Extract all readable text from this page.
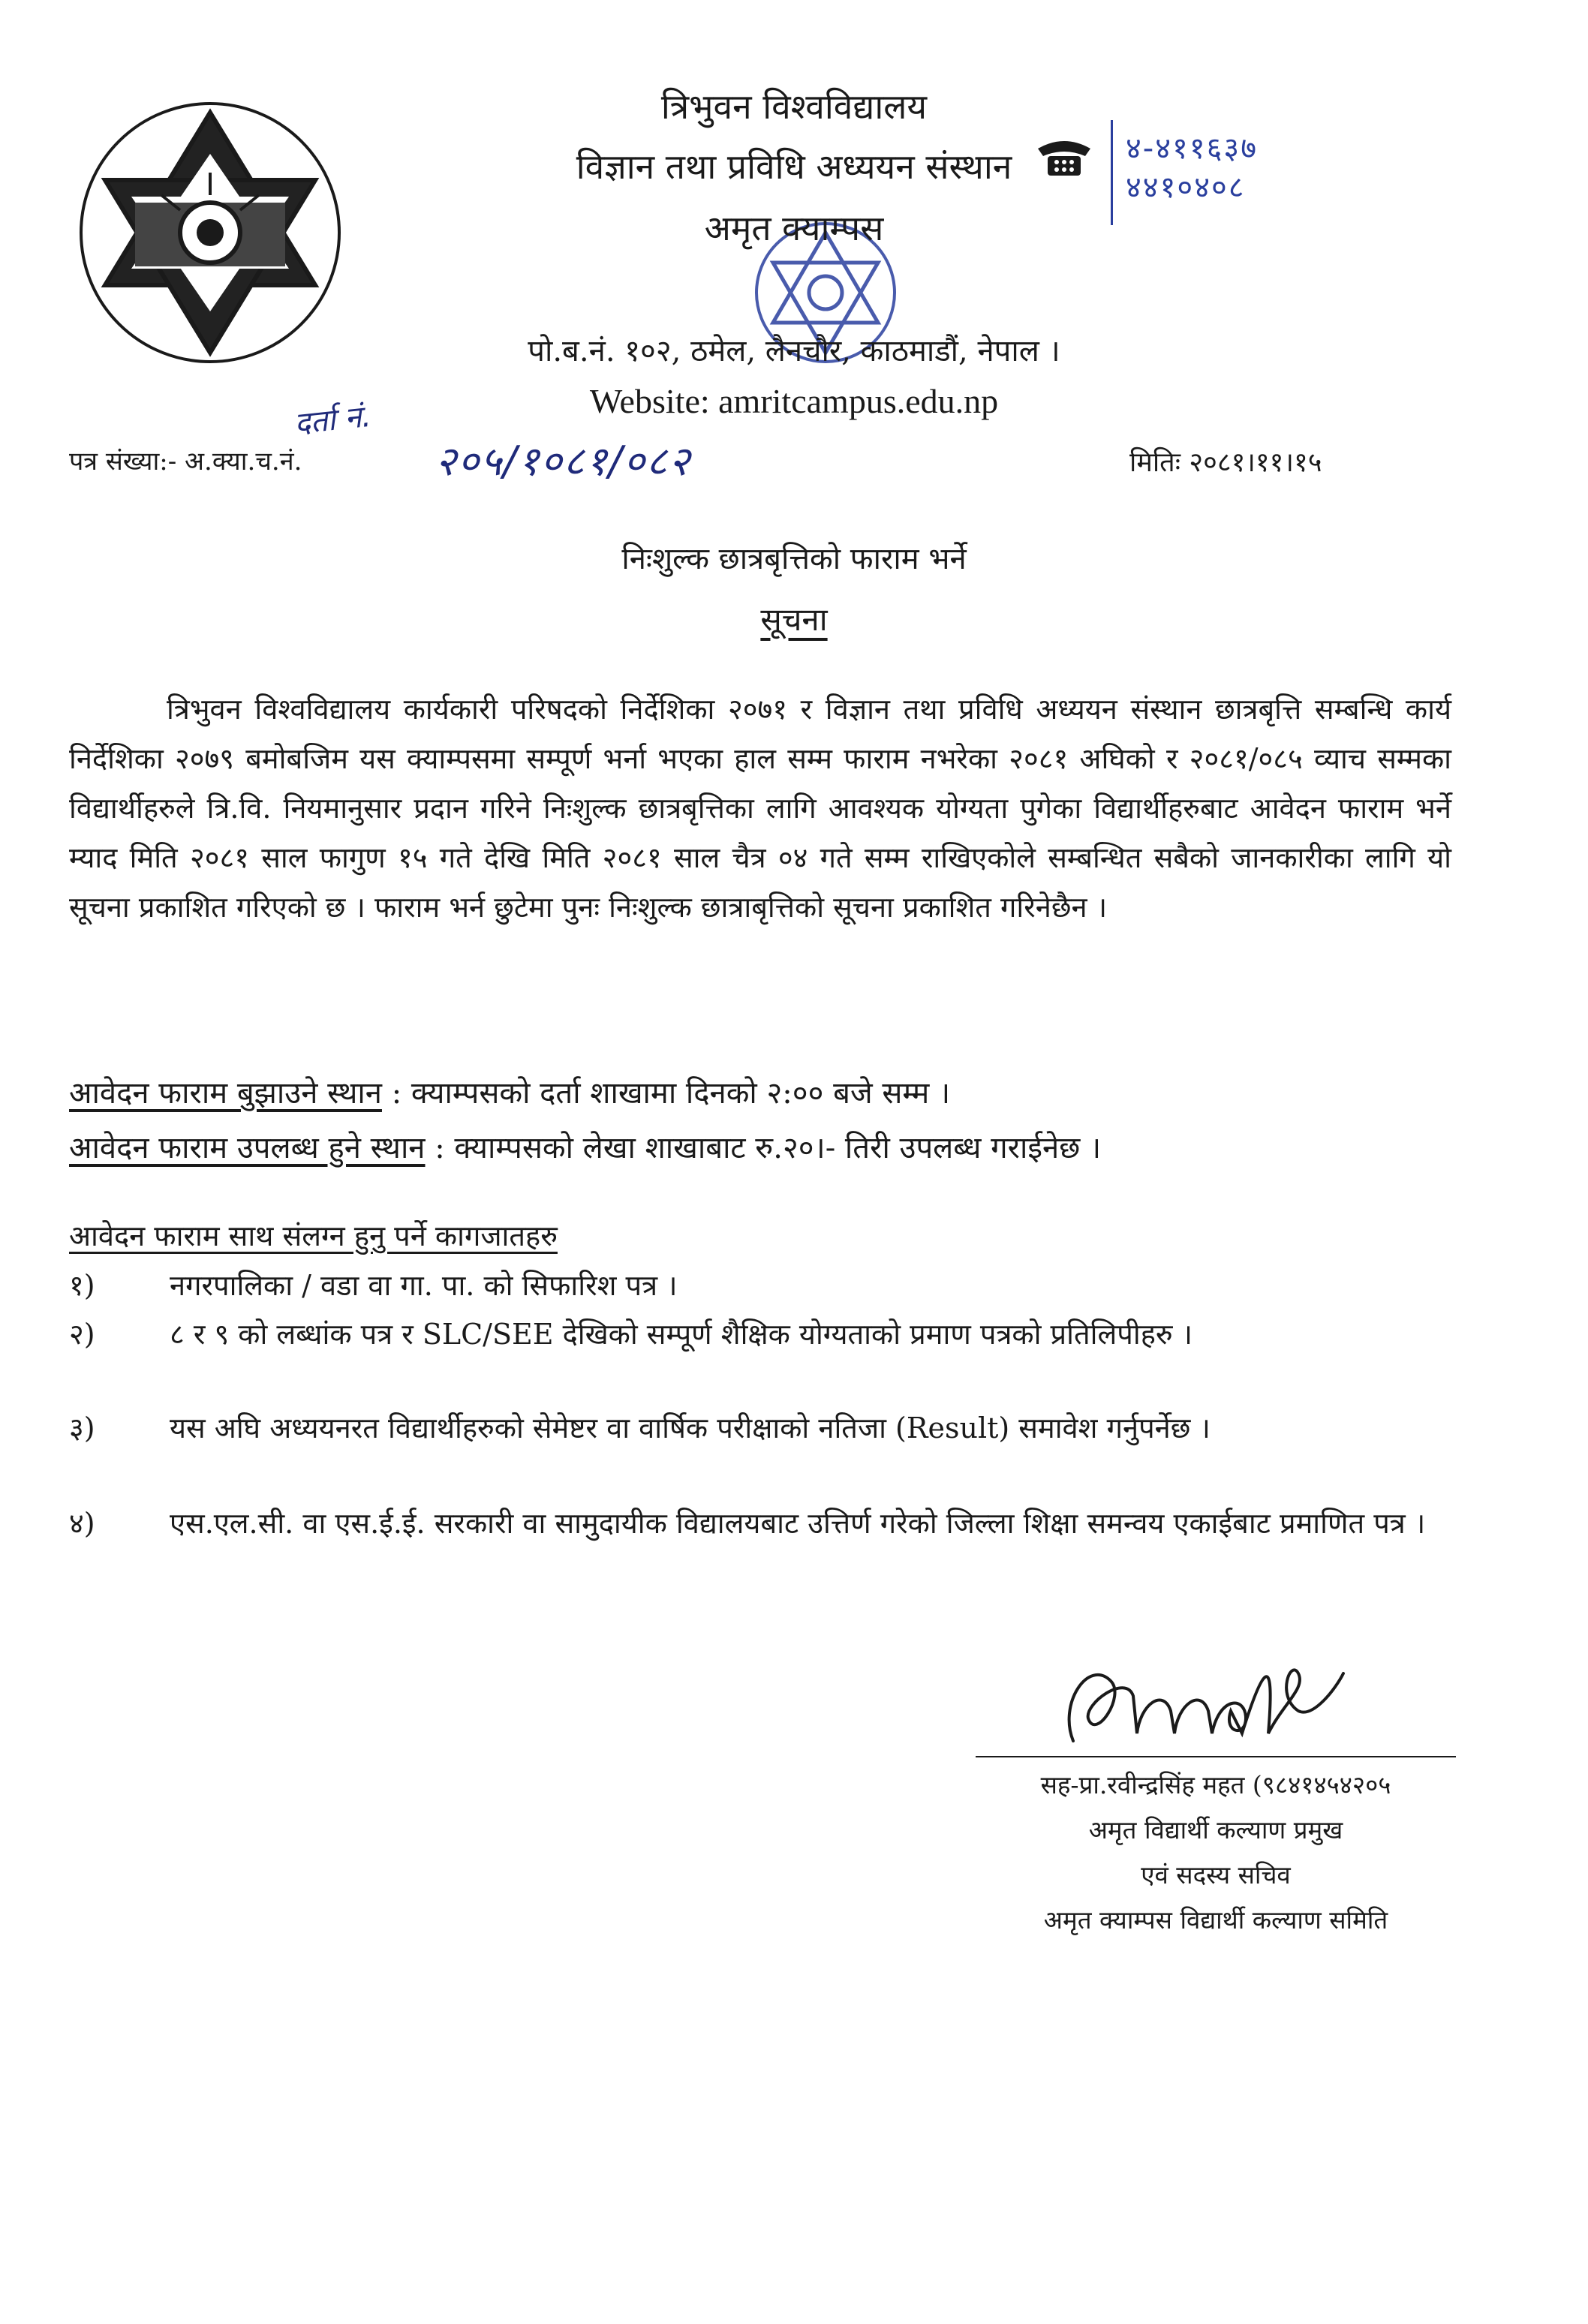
त्रिभुवन विश्वविद्यालय
विज्ञान तथा प्रविधि अध्ययन संस्थान
अमृत क्याम्पस
पो.ब.नं. १०२, ठमेल, लैनचौर, काठमाडौं, नेपाल ।
Website: amritcampus.edu.np
४-४११६३७
४४१०४०८
पत्र संख्या:- अ.क्या.च.नं.
दर्ता नं.
२०५/१०८१/०८२	मितिः २०८१।११।१५
निःशुल्क छात्रबृत्तिको फाराम भर्ने
सूचना
त्रिभुवन विश्वविद्यालय कार्यकारी परिषदको निर्देशिका २०७१ र विज्ञान तथा प्रविधि अध्ययन संस्थान छात्रबृत्ति सम्बन्धि कार्य निर्देशिका २०७९ बमोबजिम यस क्याम्पसमा सम्पूर्ण भर्ना भएका हाल सम्म फाराम नभरेका २०८१ अघिको र २०८१/०८५ व्याच सम्मका विद्यार्थीहरुले त्रि.वि. नियमानुसार प्रदान गरिने निःशुल्क छात्रबृत्तिका लागि आवश्यक योग्यता पुगेका विद्यार्थीहरुबाट आवेदन फाराम भर्ने म्याद मिति २०८१ साल फागुण १५ गते देखि मिति २०८१ साल चैत्र ०४ गते सम्म राखिएकोले सम्बन्धित सबैको जानकारीका लागि यो सूचना प्रकाशित गरिएको छ । फाराम भर्न छुटेमा पुनः निःशुल्क छात्राबृत्तिको सूचना प्रकाशित गरिनेछैन ।
आवेदन फाराम बुझाउने स्थान : क्याम्पसको दर्ता शाखामा दिनको २:०० बजे सम्म ।
आवेदन फाराम उपलब्ध हुने स्थान : क्याम्पसको लेखा शाखाबाट रु.२०।- तिरी उपलब्ध गराईनेछ ।
आवेदन फाराम साथ संलग्न हुनु पर्ने कागजातहरु
१)	नगरपालिका / वडा वा गा. पा. को सिफारिश पत्र ।
२)	८ र ९ को लब्धांक पत्र र SLC/SEE देखिको सम्पूर्ण शैक्षिक योग्यताको प्रमाण पत्रको प्रतिलिपीहरु ।
३)	यस अघि अध्ययनरत विद्यार्थीहरुको सेमेष्टर वा वार्षिक परीक्षाको नतिजा (Result) समावेश गर्नुपर्नेछ ।
४)	एस.एल.सी. वा एस.ई.ई. सरकारी वा सामुदायीक विद्यालयबाट उत्तिर्ण गरेको जिल्ला शिक्षा समन्वय एकाईबाट प्रमाणित पत्र ।
सह-प्रा.रवीन्द्रसिंह महत (९८४१४५४२०५
अमृत विद्यार्थी कल्याण प्रमुख
एवं सदस्य सचिव
अमृत क्याम्पस विद्यार्थी कल्याण समिति
